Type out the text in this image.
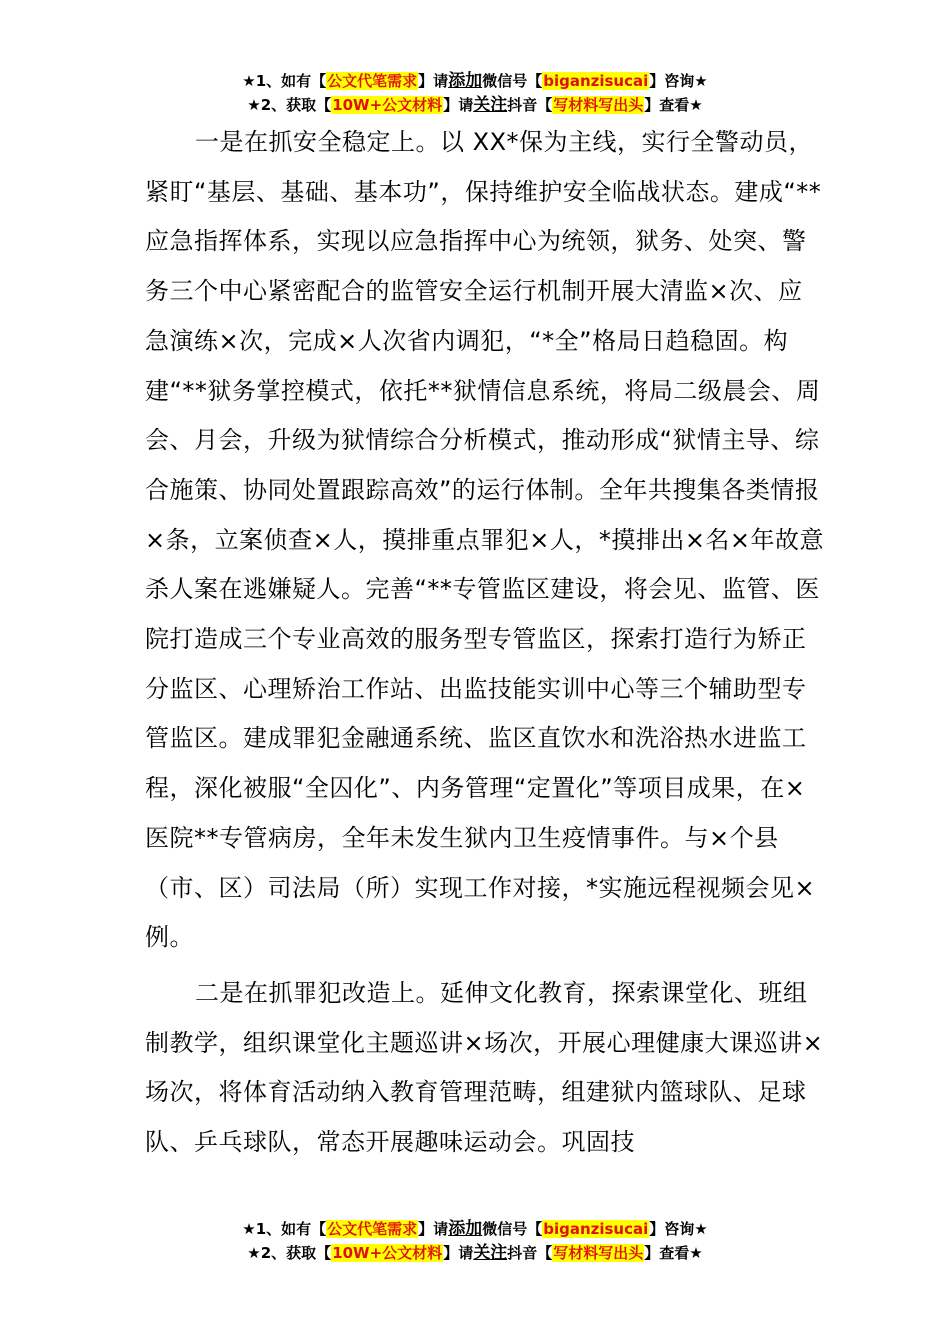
★1、如有【公文代笔需求】请添加微信号【biganzisucai】咨询★
★2、获取【10W+公文材料】请关注抖音【写材料写出头】查看★

一是在抓安全稳定上。以 XX*保为主线，实行全警动员，紧盯“基层、基础、基本功”，保持维护安全临战状态。建成“**应急指挥体系，实现以应急指挥中心为统领，狱务、处突、警务三个中心紧密配合的监管安全运行机制开展大清监×次、应急演练×次，完成×人次省内调犯，“*全”格局日趋稳固。构建“**狱务掌控模式，依托**狱情信息系统，将局二级晨会、周会、月会，升级为狱情综合分析模式，推动形成“狱情主导、综合施策、协同处置跟踪高效”的运行体制。全年共搜集各类情报×条，立案侦查×人，摸排重点罪犯×人，*摸排出×名×年故意杀人案在逃嫌疑人。完善“**专管监区建设，将会见、监管、医院打造成三个专业高效的服务型专管监区，探索打造行为矫正分监区、心理矫治工作站、出监技能实训中心等三个辅助型专管监区。建成罪犯金融通系统、监区直饮水和洗浴热水进监工程，深化被服“全囚化”、内务管理“定置化”等项目成果，在×医院**专管病房，全年未发生狱内卫生疫情事件。与×个县（市、区）司法局（所）实现工作对接，*实施远程视频会见×例。

二是在抓罪犯改造上。延伸文化教育，探索课堂化、班组制教学，组织课堂化主题巡讲×场次，开展心理健康大课巡讲×场次，将体育活动纳入教育管理范畴，组建狱内篮球队、足球队、乒乓球队，常态开展趣味运动会。巩固技

★1、如有【公文代笔需求】请添加微信号【biganzisucai】咨询★
★2、获取【10W+公文材料】请关注抖音【写材料写出头】查看★
